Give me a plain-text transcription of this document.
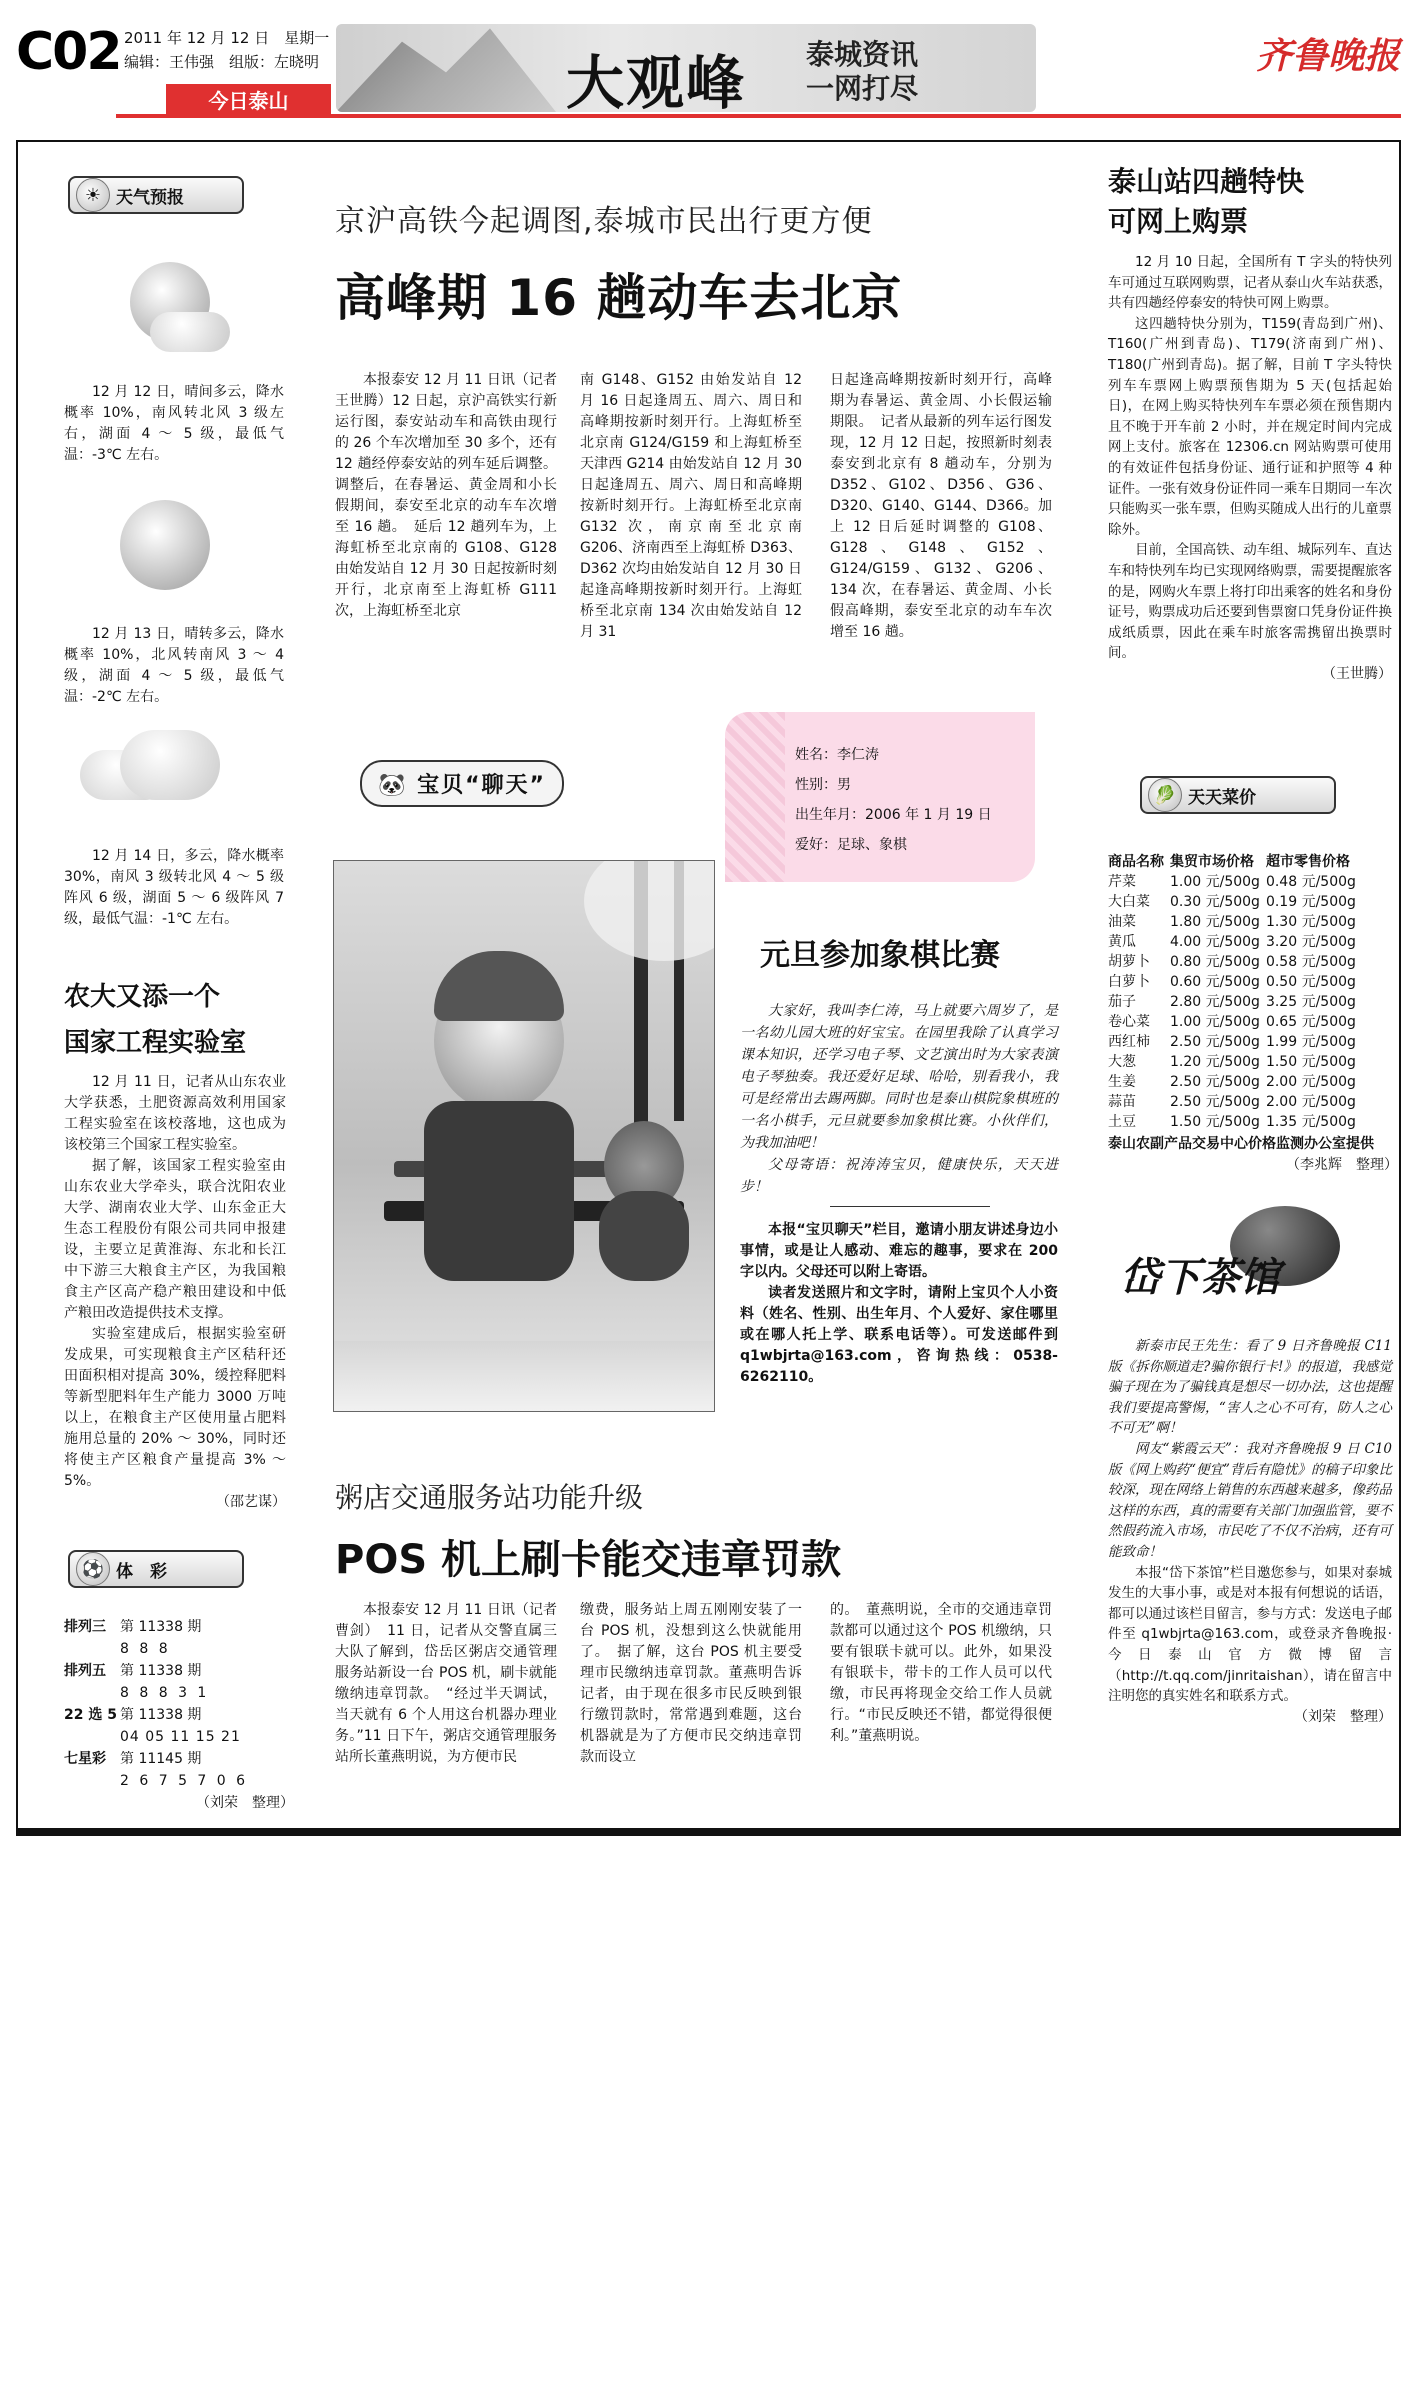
C02 2011 年 12 月 12 日　星期一
编辑：王伟强　组版：左晓明
今日泰山	大观峰 泰城资讯
一网打尽
齐鲁晚报
☀ 天气预报
12 月 12 日，晴间多云，降水概率 10%，南风转北风 3 级左右，湖面 4 ～ 5 级，最低气温：-3℃ 左右。
12 月 13 日，晴转多云，降水概率 10%，北风转南风 3 ～ 4 级，湖面 4 ～ 5 级，最低气温：-2℃ 左右。
12 月 14 日，多云，降水概率 30%，南风 3 级转北风 4 ～ 5 级阵风 6 级，湖面 5 ～ 6 级阵风 7 级，最低气温：-1℃ 左右。
农大又添一个
国家工程实验室

12 月 11 日，记者从山东农业大学获悉，土肥资源高效利用国家工程实验室在该校落地，这也成为该校第三个国家工程实验室。

据了解，该国家工程实验室由山东农业大学牵头，联合沈阳农业大学、湖南农业大学、山东金正大生态工程股份有限公司共同申报建设，主要立足黄淮海、东北和长江中下游三大粮食主产区，为我国粮食主产区高产稳产粮田建设和中低产粮田改造提供技术支撑。

实验室建成后，根据实验室研发成果，可实现粮食主产区秸秆还田面积相对提高 30%，缓控释肥料等新型肥料年生产能力 3000 万吨以上，在粮食主产区使用量占肥料施用总量的 20% ～ 30%，同时还将使主产区粮食产量提高 3% ～ 5%。

（邵艺谋）
⚽ 体　彩
排列三	第 11338 期
8 8 8
排列五	第 11338 期
8 8 8 3 1
22 选 5 第 11338 期
04 05 11 15 21
七星彩	第 11145 期
2 6 7 5 7 0 6
（刘荣　整理）
京沪高铁今起调图,泰城市民出行更方便
高峰期 16 趟动车去北京
本报泰安 12 月 11 日讯（记者　王世腾）12 日起，京沪高铁实行新运行图，泰安站动车和高铁由现行的 26 个车次增加至 30 多个，还有 12 趟经停泰安站的列车延后调整。调整后，在春暑运、黄金周和小长假期间，泰安至北京的动车车次增至 16 趟。　延后 12 趟列车为，上海虹桥至北京南的 G108、G128 由始发站自 12 月 30 日起按新时刻开行，北京南至上海虹桥 G111 次，上海虹桥至北京
南 G148、G152 由始发站自 12 月 16 日起逢周五、周六、周日和高峰期按新时刻开行。上海虹桥至北京南 G124/G159 和上海虹桥至天津西 G214 由始发站自 12 月 30 日起逢周五、周六、周日和高峰期按新时刻开行。上海虹桥至北京南 G132 次，南京南至北京南 G206、济南西至上海虹桥 D363、D362 次均由始发站自 12 月 30 日起逢高峰期按新时刻开行。上海虹桥至北京南 134 次由始发站自 12 月 31
日起逢高峰期按新时刻开行，高峰期为春暑运、黄金周、小长假运输期限。　记者从最新的列车运行图发现，12 月 12 日起，按照新时刻表泰安到北京有 8 趟动车，分别为 D352、G102、D356、G36、D320、G140、G144、D366。加上 12 日后延时调整的 G108、G128、G148、G152、G124/G159、G132、G206、134 次，在春暑运、黄金周、小长假高峰期，泰安至北京的动车车次增至 16 趟。
🐼 宝贝“聊天”
姓名：李仁涛
性别：男
出生年月：2006 年 1 月 19 日
爱好：足球、象棋
元旦参加象棋比赛

大家好，我叫李仁涛，马上就要六周岁了，是一名幼儿园大班的好宝宝。在园里我除了认真学习课本知识，还学习电子琴、文艺演出时为大家表演电子琴独奏。我还爱好足球、哈哈，别看我小，我可是经常出去踢两脚。同时也是泰山棋院象棋班的一名小棋手，元旦就要参加象棋比赛。小伙伴们，为我加油吧！

父母寄语：祝涛涛宝贝，健康快乐，天天进步！

本报“宝贝聊天”栏目，邀请小朋友讲述身边小事情，或是让人感动、难忘的趣事，要求在 200 字以内。父母还可以附上寄语。

读者发送照片和文字时，请附上宝贝个人小资料（姓名、性别、出生年月、个人爱好、家住哪里或在哪人托上学、联系电话等）。可发送邮件到 q1wbjrta@163.com，咨询热线：0538-6262110。

粥店交通服务站功能升级
POS 机上刷卡能交违章罚款
本报泰安 12 月 11 日讯（记者　曹剑）　11 日，记者从交警直属三大队了解到，岱岳区粥店交通管理服务站新设一台 POS 机，刷卡就能缴纳违章罚款。　“经过半天调试，当天就有 6 个人用这台机器办理业务。”11 日下午，粥店交通管理服务站所长董燕明说，为方便市民
缴费，服务站上周五刚刚安装了一台 POS 机，没想到这么快就能用了。　据了解，这台 POS 机主要受理市民缴纳违章罚款。董燕明告诉记者，由于现在很多市民反映到银行缴罚款时，常常遇到难题，这台机器就是为了方便市民交纳违章罚款而设立
的。　董燕明说，全市的交通违章罚款都可以通过这个 POS 机缴纳，只要有银联卡就可以。此外，如果没有银联卡，带卡的工作人员可以代缴，市民再将现金交给工作人员就行。“市民反映还不错，都觉得很便利。”董燕明说。
泰山站四趟特快
可网上购票

12 月 10 日起，全国所有 T 字头的特快列车可通过互联网购票，记者从泰山火车站获悉，共有四趟经停泰安的特快可网上购票。

这四趟特快分别为，T159(青岛到广州)、T160(广州到青岛)、T179(济南到广州)、T180(广州到青岛)。据了解，目前 T 字头特快列车车票网上购票预售期为 5 天(包括起始日)，在网上购买特快列车车票必须在预售期内且不晚于开车前 2 小时，并在规定时间内完成网上支付。旅客在 12306.cn 网站购票可使用的有效证件包括身份证、通行证和护照等 4 种证件。一张有效身份证件同一乘车日期同一车次只能购买一张车票，但购买随成人出行的儿童票除外。

目前，全国高铁、动车组、城际列车、直达车和特快列车均已实现网络购票，需要提醒旅客的是，网购火车票上将打印出乘客的姓名和身份证号，购票成功后还要到售票窗口凭身份证件换成纸质票，因此在乘车时旅客需携留出换票时间。

（王世腾）
🥬 天天菜价
商品名称	集贸市场价格	超市零售价格
芹菜	1.00 元/500g	0.48 元/500g
大白菜	0.30 元/500g	0.19 元/500g
油菜	1.80 元/500g	1.30 元/500g
黄瓜	4.00 元/500g	3.20 元/500g
胡萝卜	0.80 元/500g	0.58 元/500g
白萝卜	0.60 元/500g	0.50 元/500g
茄子	2.80 元/500g	3.25 元/500g
卷心菜	1.00 元/500g	0.65 元/500g
西红柿	2.50 元/500g	1.99 元/500g
大葱	1.20 元/500g	1.50 元/500g
生姜	2.50 元/500g	2.00 元/500g
蒜苗	2.50 元/500g	2.00 元/500g
土豆	1.50 元/500g	1.35 元/500g
泰山农副产品交易中心价格监测办公室提供
（李兆辉　整理）
岱下茶馆

新泰市民王先生：看了 9 日齐鲁晚报 C11 版《拆你顺道走?骗你银行卡!》的报道，我感觉骗子现在为了骗钱真是想尽一切办法，这也提醒我们要提高警惕，“害人之心不可有，防人之心不可无”啊！

网友“紫霞云天”：我对齐鲁晚报 9 日 C10 版《网上购药“便宜”背后有隐忧》的稿子印象比较深，现在网络上销售的东西越来越多，像药品这样的东西，真的需要有关部门加强监管，要不然假药流入市场，市民吃了不仅不治病，还有可能致命！

本报“岱下茶馆”栏目邀您参与，如果对泰城发生的大事小事，或是对本报有何想说的话语，都可以通过该栏目留言，参与方式：发送电子邮件至 q1wbjrta@163.com，或登录齐鲁晚报·今日泰山官方微博留言（http://t.qq.com/jinritaishan），请在留言中注明您的真实姓名和联系方式。

（刘荣　整理）
